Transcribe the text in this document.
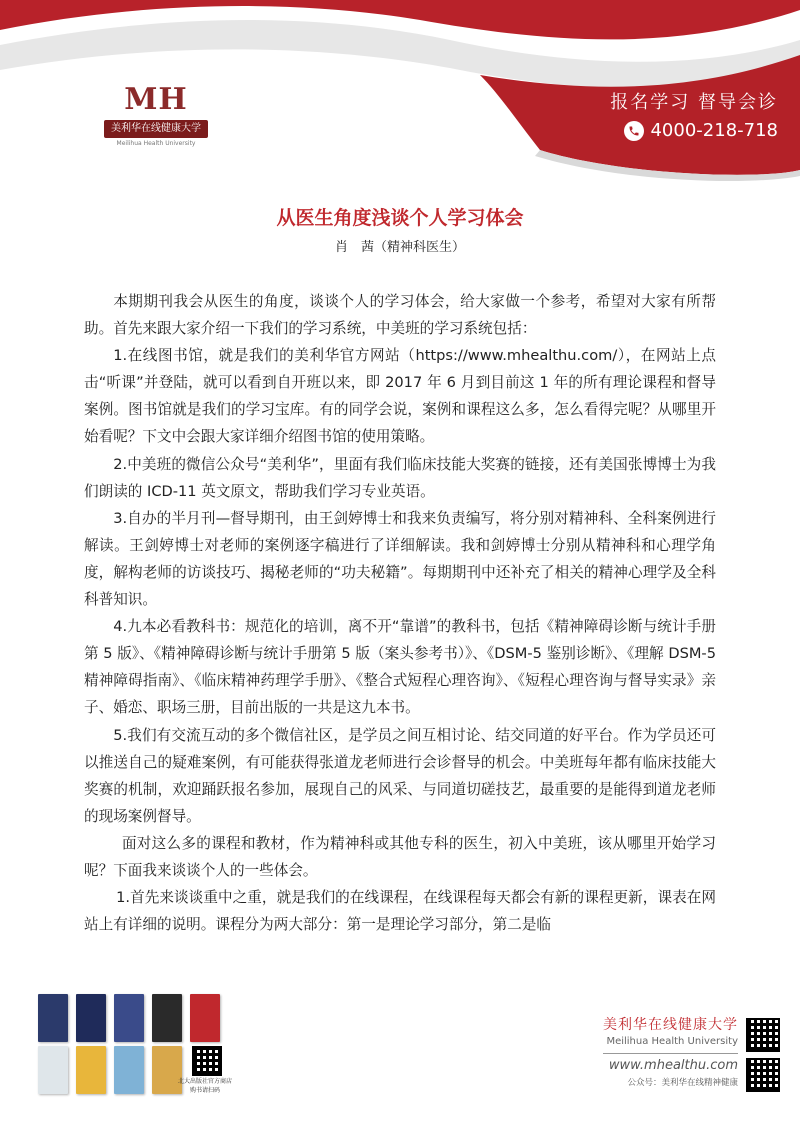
MH
美利华在线健康大学
Meilihua Health University
报名学习 督导会诊
4000-218-718
从医生角度浅谈个人学习体会
肖　茜（精神科医生）

本期期刊我会从医生的角度，谈谈个人的学习体会，给大家做一个参考，希望对大家有所帮助。首先来跟大家介绍一下我们的学习系统，中美班的学习系统包括：

1.在线图书馆，就是我们的美利华官方网站（https://www.mhealthu.com/），在网站上点击“听课”并登陆，就可以看到自开班以来，即 2017 年 6 月到目前这 1 年的所有理论课程和督导案例。图书馆就是我们的学习宝库。有的同学会说，案例和课程这么多，怎么看得完呢？从哪里开始看呢？下文中会跟大家详细介绍图书馆的使用策略。

2.中美班的微信公众号“美利华”，里面有我们临床技能大奖赛的链接，还有美国张博博士为我们朗读的 ICD-11 英文原文，帮助我们学习专业英语。

3.自办的半月刊—督导期刊，由王剑婷博士和我来负责编写，将分别对精神科、全科案例进行解读。王剑婷博士对老师的案例逐字稿进行了详细解读。我和剑婷博士分别从精神科和心理学角度，解构老师的访谈技巧、揭秘老师的“功夫秘籍”。每期期刊中还补充了相关的精神心理学及全科科普知识。

4.九本必看教科书：规范化的培训，离不开“靠谱”的教科书，包括《精神障碍诊断与统计手册第 5 版》、《精神障碍诊断与统计手册第 5 版（案头参考书）》、《DSM-5 鉴别诊断》、《理解 DSM-5 精神障碍指南》、《临床精神药理学手册》、《整合式短程心理咨询》、《短程心理咨询与督导实录》亲子、婚恋、职场三册，目前出版的一共是这九本书。

5.我们有交流互动的多个微信社区，是学员之间互相讨论、结交同道的好平台。作为学员还可以推送自己的疑难案例，有可能获得张道龙老师进行会诊督导的机会。中美班每年都有临床技能大奖赛的机制，欢迎踊跃报名参加，展现自己的风采、与同道切磋技艺，最重要的是能得到道龙老师的现场案例督导。

面对这么多的课程和教材，作为精神科或其他专科的医生，初入中美班，该从哪里开始学习呢？下面我来谈谈个人的一些体会。

1.首先来谈谈重中之重，就是我们的在线课程，在线课程每天都会有新的课程更新，课表在网站上有详细的说明。课程分为两大部分：第一是理论学习部分，第二是临

北大出版社官方商店
购书请扫码
美利华在线健康大学
Meilihua Health University
www.mhealthu.com
公众号：美利华在线精神健康
